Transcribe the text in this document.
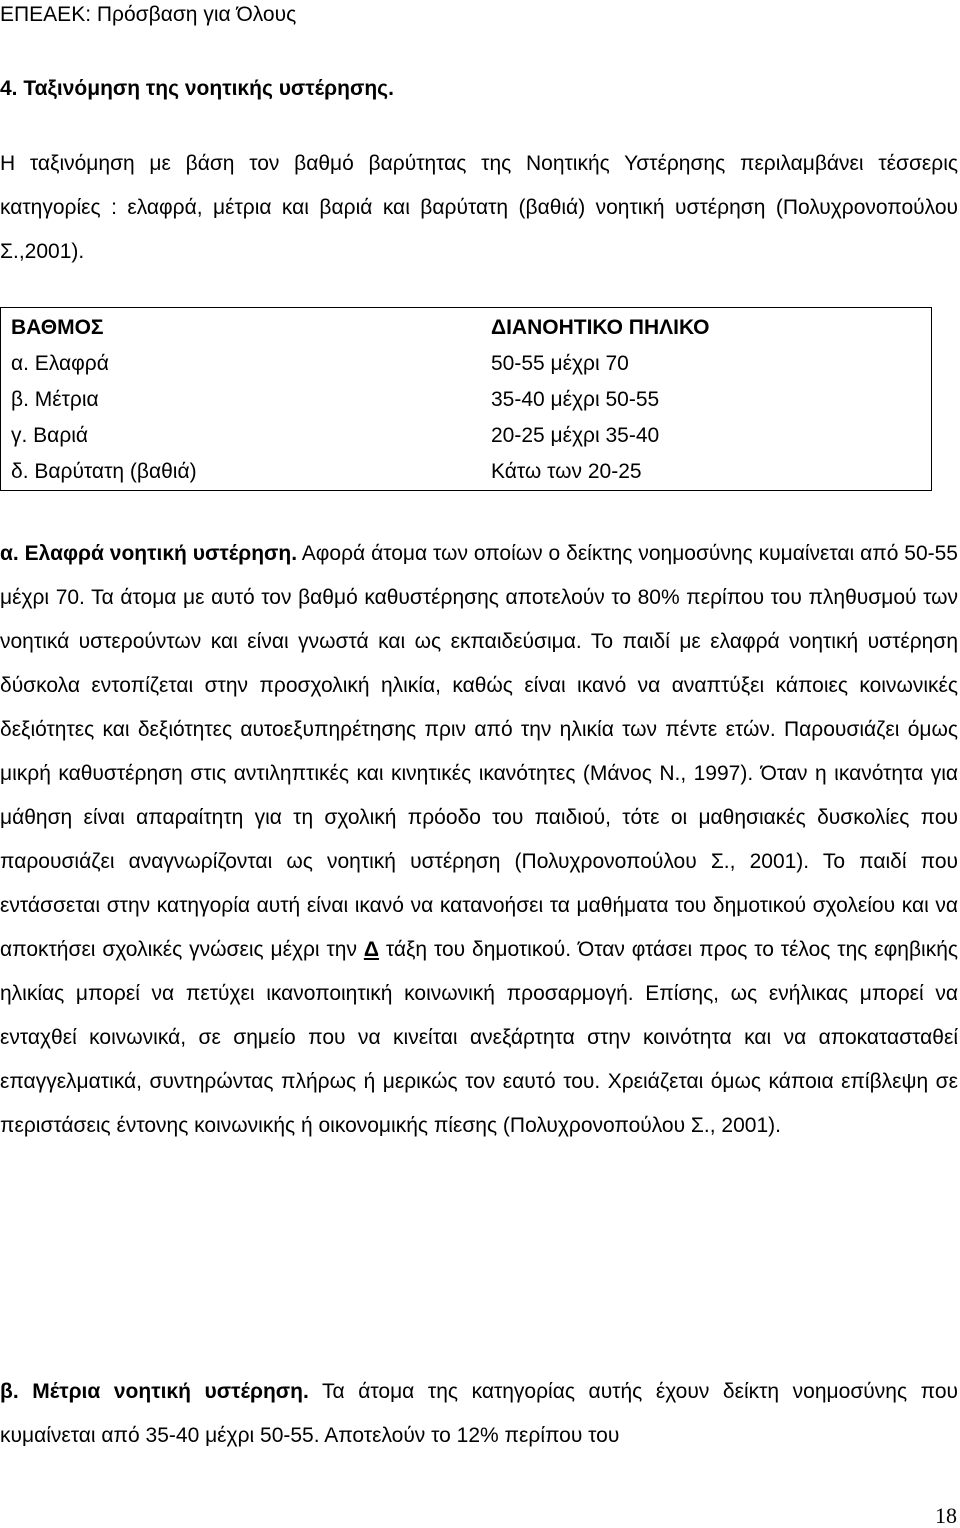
ΕΠΕΑΕΚ: Πρόσβαση για Όλους
4. Ταξινόμηση της νοητικής υστέρησης.

Η ταξινόμηση με βάση τον βαθμό βαρύτητας της Νοητικής Υστέρησης περιλαμβάνει τέσσερις κατηγορίες : ελαφρά, μέτρια και βαριά και βαρύτατη (βαθιά) νοητική υστέρηση (Πολυχρονοπούλου Σ.,2001).

ΒΑΘΜΟΣ	ΔΙΑΝΟΗΤΙΚΟ ΠΗΛΙΚΟ
α. Ελαφρά	50-55 μέχρι 70
β. Μέτρια	35-40 μέχρι 50-55
γ. Βαριά	20-25 μέχρι 35-40
δ. Βαρύτατη (βαθιά)	Κάτω των 20-25

α. Ελαφρά νοητική υστέρηση. Αφορά άτομα των οποίων ο δείκτης νοημοσύνης κυμαίνεται από 50-55 μέχρι 70. Τα άτομα με αυτό τον βαθμό καθυστέρησης αποτελούν το 80% περίπου του πληθυσμού των νοητικά υστερούντων και είναι γνωστά και ως εκπαιδεύσιμα. Το παιδί με ελαφρά νοητική υστέρηση δύσκολα εντοπίζεται στην προσχολική ηλικία, καθώς είναι ικανό να αναπτύξει κάποιες κοινωνικές δεξιότητες και δεξιότητες αυτοεξυπηρέτησης πριν από την ηλικία των πέντε ετών. Παρουσιάζει όμως μικρή καθυστέρηση στις αντιληπτικές και κινητικές ικανότητες (Μάνος Ν., 1997). Όταν η ικανότητα για μάθηση είναι απαραίτητη για τη σχολική πρόοδο του παιδιού, τότε οι μαθησιακές δυσκολίες που παρουσιάζει αναγνωρίζονται ως νοητική υστέρηση (Πολυχρονοπούλου Σ., 2001). Το παιδί που εντάσσεται στην κατηγορία αυτή είναι ικανό να κατανοήσει τα μαθήματα του δημοτικού σχολείου και να αποκτήσει σχολικές γνώσεις μέχρι την Δ τάξη του δημοτικού. Όταν φτάσει προς το τέλος της εφηβικής ηλικίας μπορεί να πετύχει ικανοποιητική κοινωνική προσαρμογή. Επίσης, ως ενήλικας μπορεί να ενταχθεί κοινωνικά, σε σημείο που να κινείται ανεξάρτητα στην κοινότητα και να αποκατασταθεί επαγγελματικά, συντηρώντας πλήρως ή μερικώς τον εαυτό του. Χρειάζεται όμως κάποια επίβλεψη σε περιστάσεις έντονης κοινωνικής ή οικονομικής πίεσης (Πολυχρονοπούλου Σ., 2001).

β. Μέτρια νοητική υστέρηση. Τα άτομα της κατηγορίας αυτής έχουν δείκτη νοημοσύνης που κυμαίνεται από 35-40 μέχρι 50-55. Αποτελούν το 12% περίπου του

18
